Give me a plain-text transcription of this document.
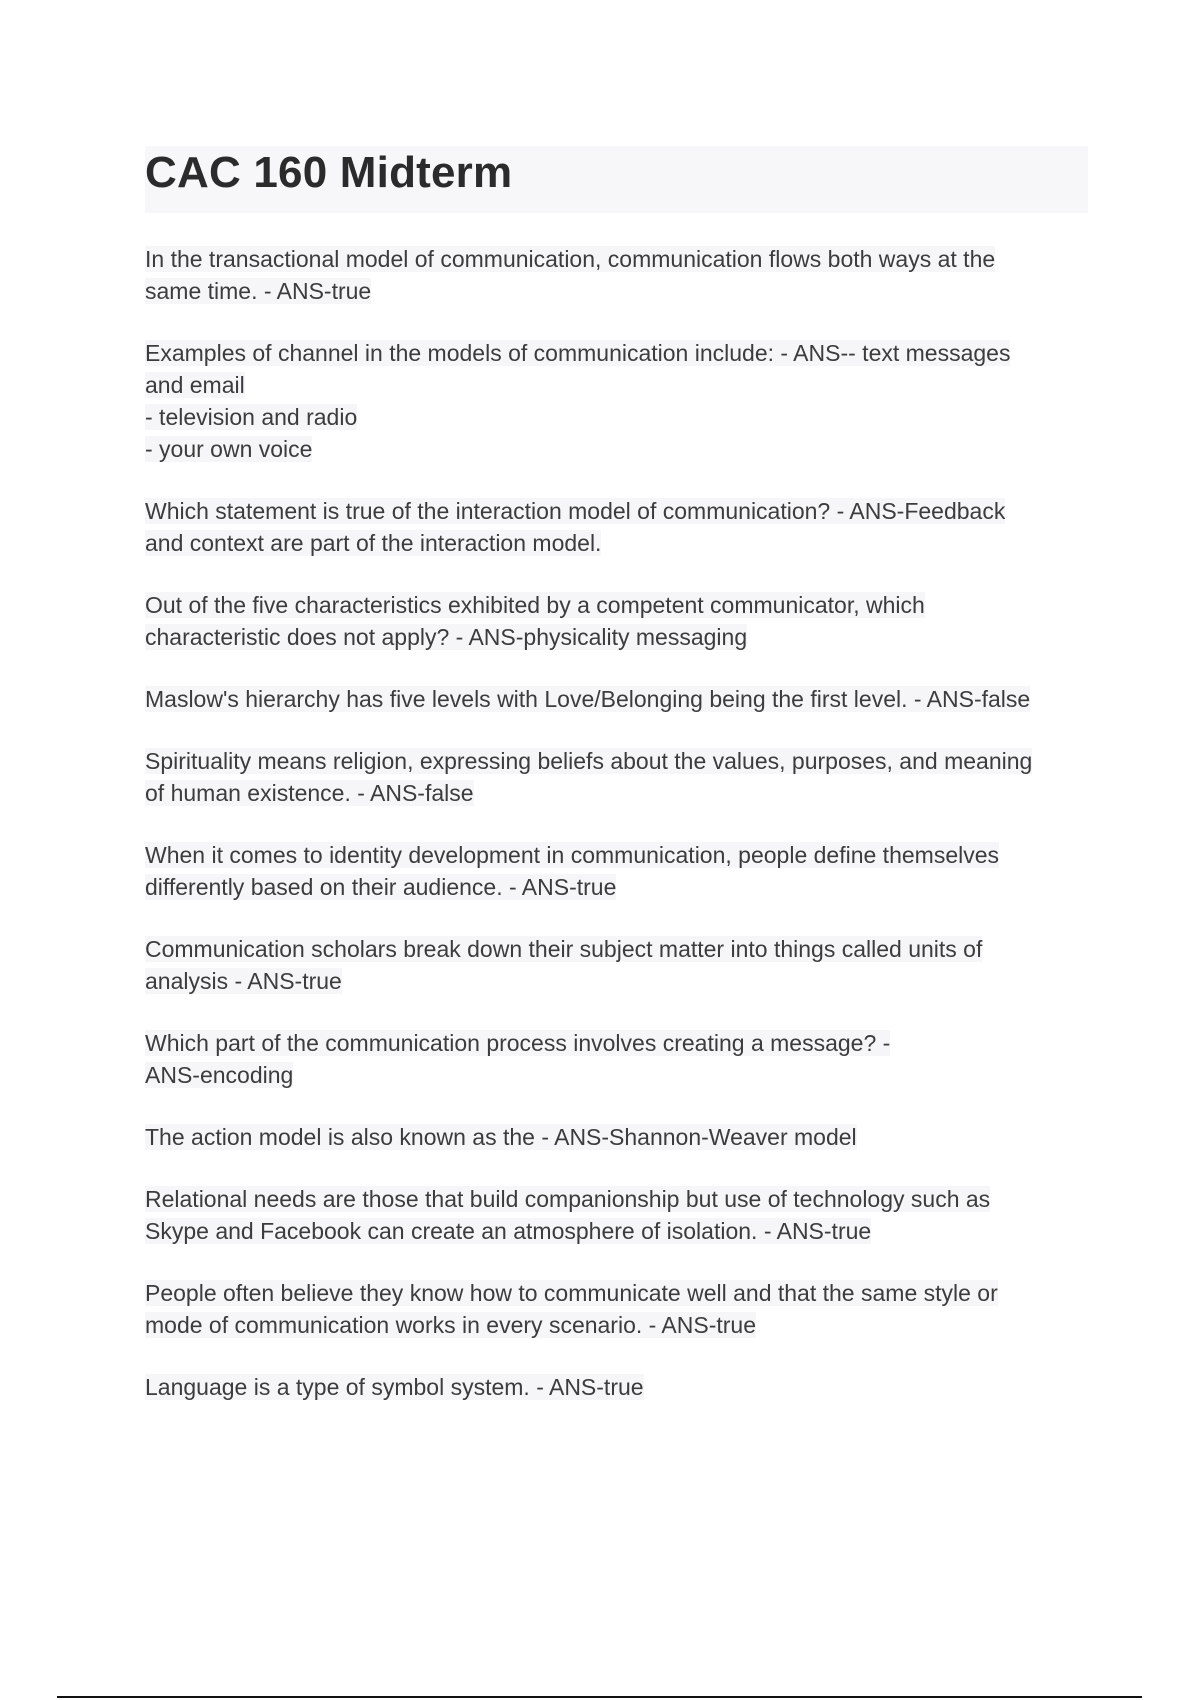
CAC 160 Midterm
In the transactional model of communication, communication flows both ways at the
same time. - ANS-true
Examples of channel in the models of communication include: - ANS-- text messages
and email
- television and radio
- your own voice
Which statement is true of the interaction model of communication? - ANS-Feedback
and context are part of the interaction model.
Out of the five characteristics exhibited by a competent communicator, which
characteristic does not apply? - ANS-physicality messaging
Maslow's hierarchy has five levels with Love/Belonging being the first level. - ANS-false
Spirituality means religion, expressing beliefs about the values, purposes, and meaning
of human existence. - ANS-false
When it comes to identity development in communication, people define themselves
differently based on their audience. - ANS-true
Communication scholars break down their subject matter into things called units of
analysis - ANS-true
Which part of the communication process involves creating a message? -
ANS-encoding
The action model is also known as the - ANS-Shannon-Weaver model
Relational needs are those that build companionship but use of technology such as
Skype and Facebook can create an atmosphere of isolation. - ANS-true
People often believe they know how to communicate well and that the same style or
mode of communication works in every scenario. - ANS-true
Language is a type of symbol system. - ANS-true
